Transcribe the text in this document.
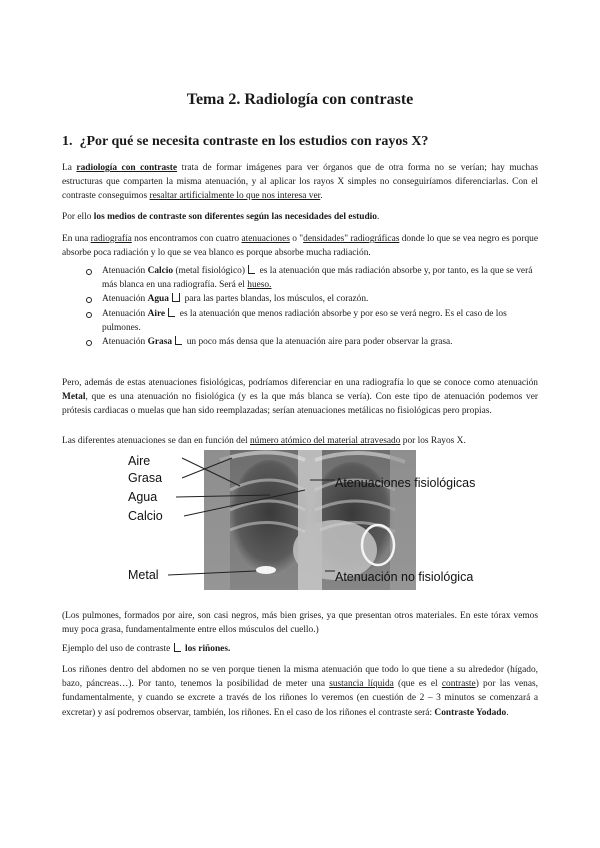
Tema 2. Radiología con contraste
1. ¿Por qué se necesita contraste en los estudios con rayos X?

La radiología con contraste trata de formar imágenes para ver órganos que de otra forma no se verían; hay muchas estructuras que comparten la misma atenuación, y al aplicar los rayos X simples no conseguiríamos diferenciarlas. Con el contraste conseguimos resaltar artificialmente lo que nos interesa ver.

Por ello los medios de contraste son diferentes según las necesidades del estudio.

En una radiografía nos encontramos con cuatro atenuaciones o "densidades" radiográficas donde lo que se vea negro es porque absorbe poca radiación y lo que se vea blanco es porque absorbe mucha radiación.

Atenuación Calcio (metal fisiológico)  es la atenuación que más radiación absorbe y, por tanto, es la que se verá más blanca en una radiografía. Será el hueso.
Atenuación Agua  para las partes blandas, los músculos, el corazón.
Atenuación Aire  es la atenuación que menos radiación absorbe y por eso se verá negro. Es el caso de los pulmones.
Atenuación Grasa  un poco más densa que la atenuación aire para poder observar la grasa.

Pero, además de estas atenuaciones fisiológicas, podríamos diferenciar en una radiografía lo que se conoce como atenuación Metal, que es una atenuación no fisiológica (y es la que más blanca se vería). Con este tipo de atenuación podemos ver prótesis cardiacas o muelas que han sido reemplazadas; serían atenuaciones metálicas no fisiológicas pero propias.

Las diferentes atenuaciones se dan en función del número atómico del material atravesado por los Rayos X.

Aire
Grasa
Agua
Calcio
Metal
Atenuaciones fisiológicas
Atenuación no fisiológica

(Los pulmones, formados por aire, son casi negros, más bien grises, ya que presentan otros materiales. En este tórax vemos muy poca grasa, fundamentalmente entre ellos músculos del cuello.)

Ejemplo del uso de contraste  los riñones.

Los riñones dentro del abdomen no se ven porque tienen la misma atenuación que todo lo que tiene a su alrededor (hígado, bazo, páncreas…). Por tanto, tenemos la posibilidad de meter una sustancia líquida (que es el contraste) por las venas, fundamentalmente, y cuando se excrete a través de los riñones lo veremos (en cuestión de 2 – 3 minutos se comenzará a excretar) y así podremos observar, también, los riñones. En el caso de los riñones el contraste será: Contraste Yodado.
